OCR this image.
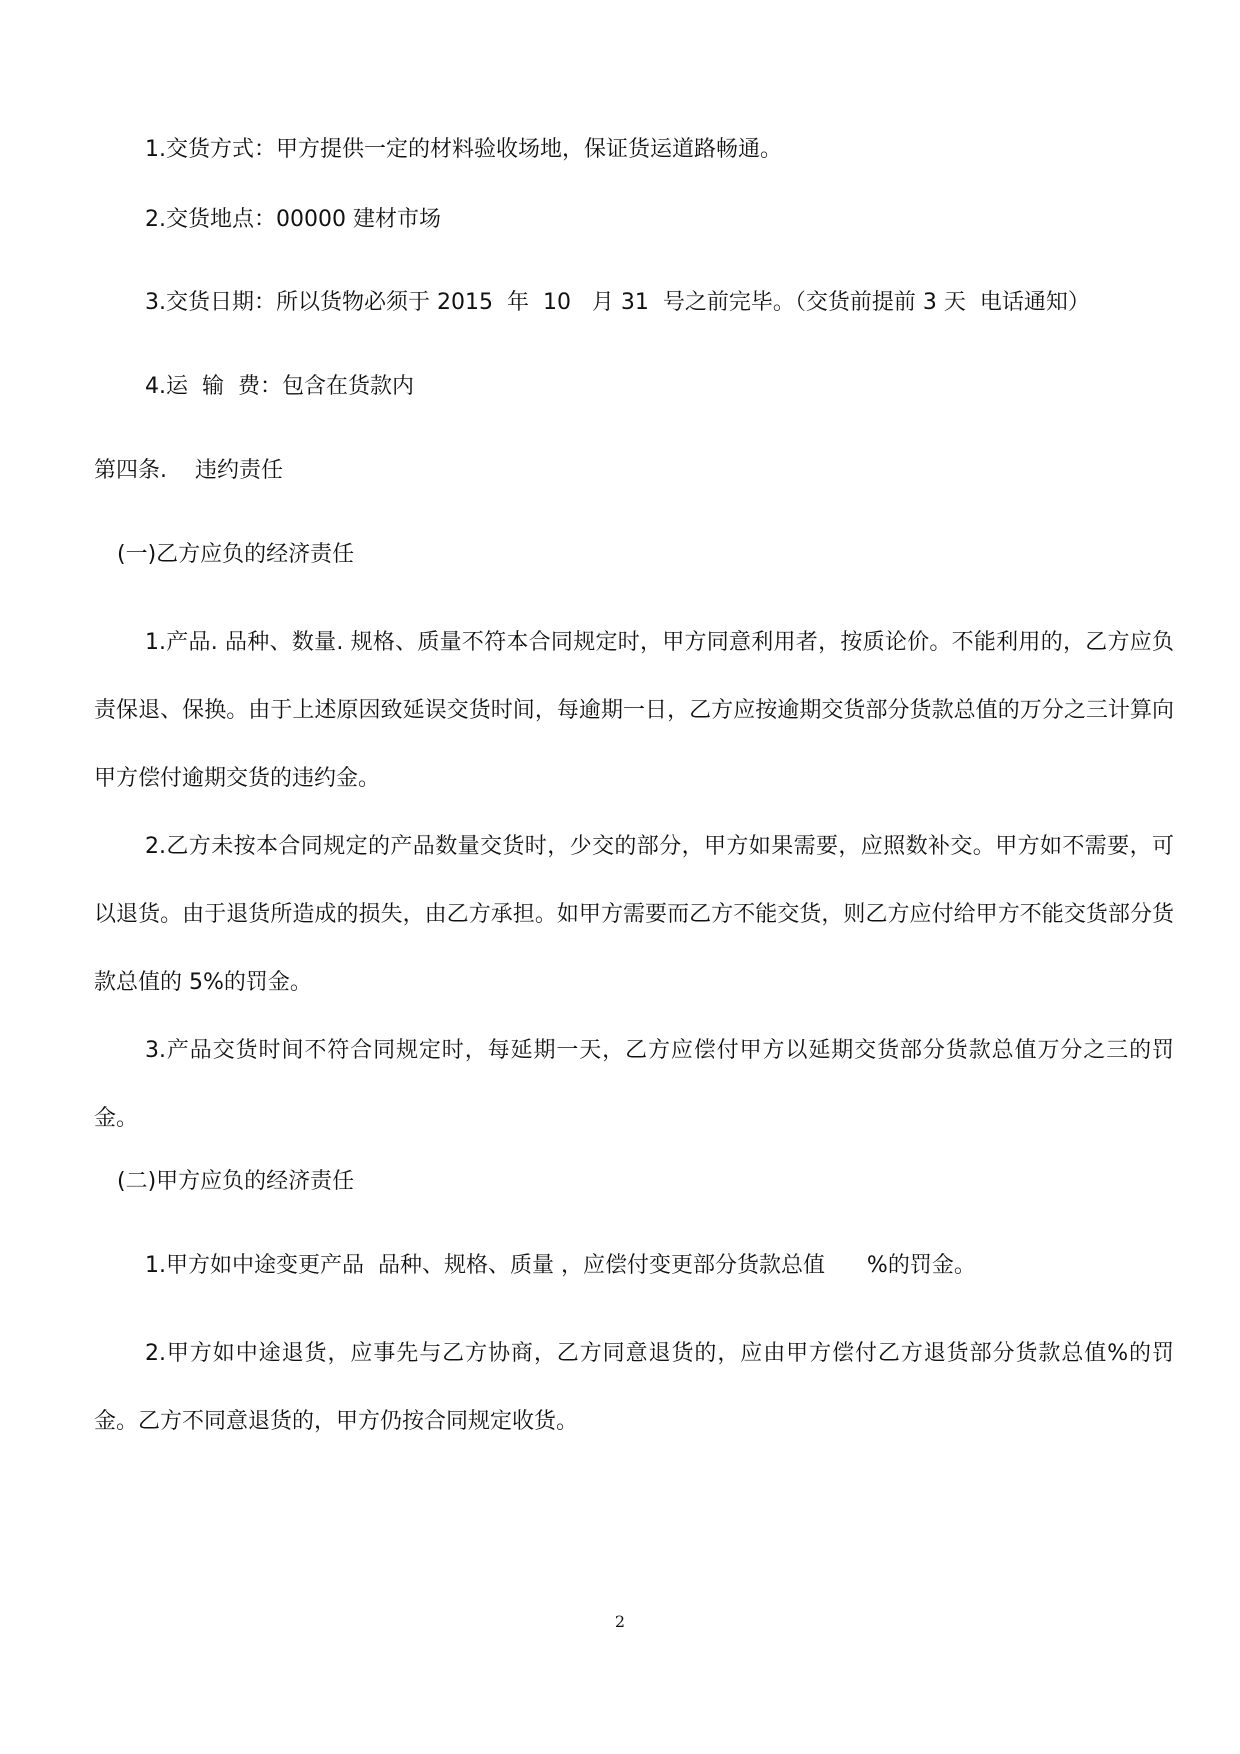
1.交货方式：甲方提供一定的材料验收场地，保证货运道路畅通。
2.交货地点：00000 建材市场
3.交货日期：所以货物必须于 2015  年  10   月 31  号之前完毕。（交货前提前 3 天  电话通知）
4.运  输  费：包含在货款内
第四条.    违约责任
(一)乙方应负的经济责任
1.产品. 品种、数量. 规格、质量不符本合同规定时，甲方同意利用者，按质论价。不能利用的，乙方应负责保退、保换。由于上述原因致延误交货时间，每逾期一日，乙方应按逾期交货部分货款总值的万分之三计算向甲方偿付逾期交货的违约金。
2.乙方未按本合同规定的产品数量交货时，少交的部分，甲方如果需要，应照数补交。甲方如不需要，可以退货。由于退货所造成的损失，由乙方承担。如甲方需要而乙方不能交货，则乙方应付给甲方不能交货部分货款总值的 5%的罚金。
3.产品交货时间不符合同规定时，每延期一天，乙方应偿付甲方以延期交货部分货款总值万分之三的罚金。
(二)甲方应负的经济责任
1.甲方如中途变更产品  品种、规格、质量 ，应偿付变更部分货款总值      %的罚金。
2.甲方如中途退货，应事先与乙方协商，乙方同意退货的，应由甲方偿付乙方退货部分货款总值%的罚金。乙方不同意退货的，甲方仍按合同规定收货。
2
